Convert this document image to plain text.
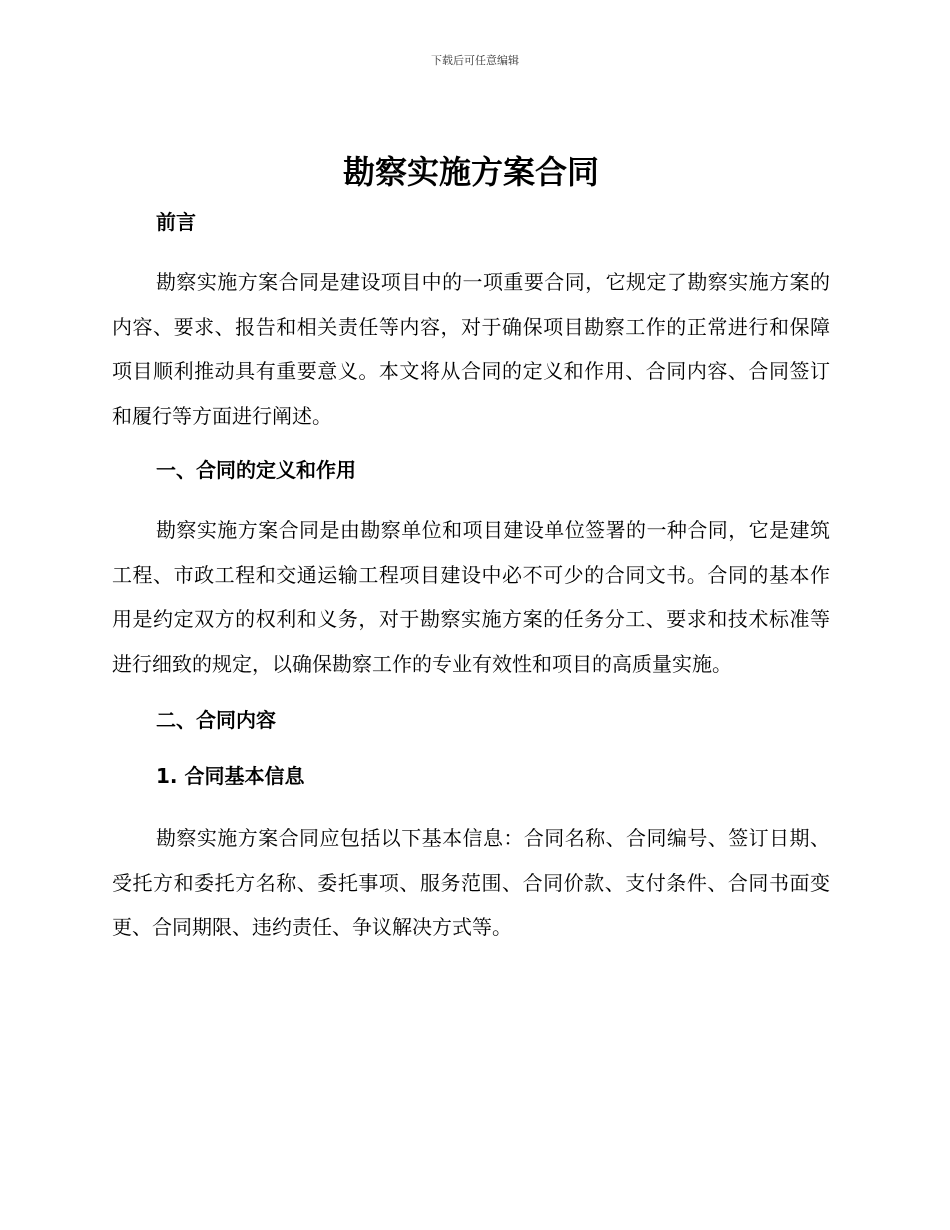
下载后可任意编辑
勘察实施方案合同
前言

勘察实施方案合同是建设项目中的一项重要合同，它规定了勘察实施方案的内容、要求、报告和相关责任等内容，对于确保项目勘察工作的正常进行和保障项目顺利推动具有重要意义。本文将从合同的定义和作用、合同内容、合同签订和履行等方面进行阐述。

一、合同的定义和作用

勘察实施方案合同是由勘察单位和项目建设单位签署的一种合同，它是建筑工程、市政工程和交通运输工程项目建设中必不可少的合同文书。合同的基本作用是约定双方的权利和义务，对于勘察实施方案的任务分工、要求和技术标准等进行细致的规定，以确保勘察工作的专业有效性和项目的高质量实施。

二、合同内容
1. 合同基本信息

勘察实施方案合同应包括以下基本信息：合同名称、合同编号、签订日期、受托方和委托方名称、委托事项、服务范围、合同价款、支付条件、合同书面变更、合同期限、违约责任、争议解决方式等。
